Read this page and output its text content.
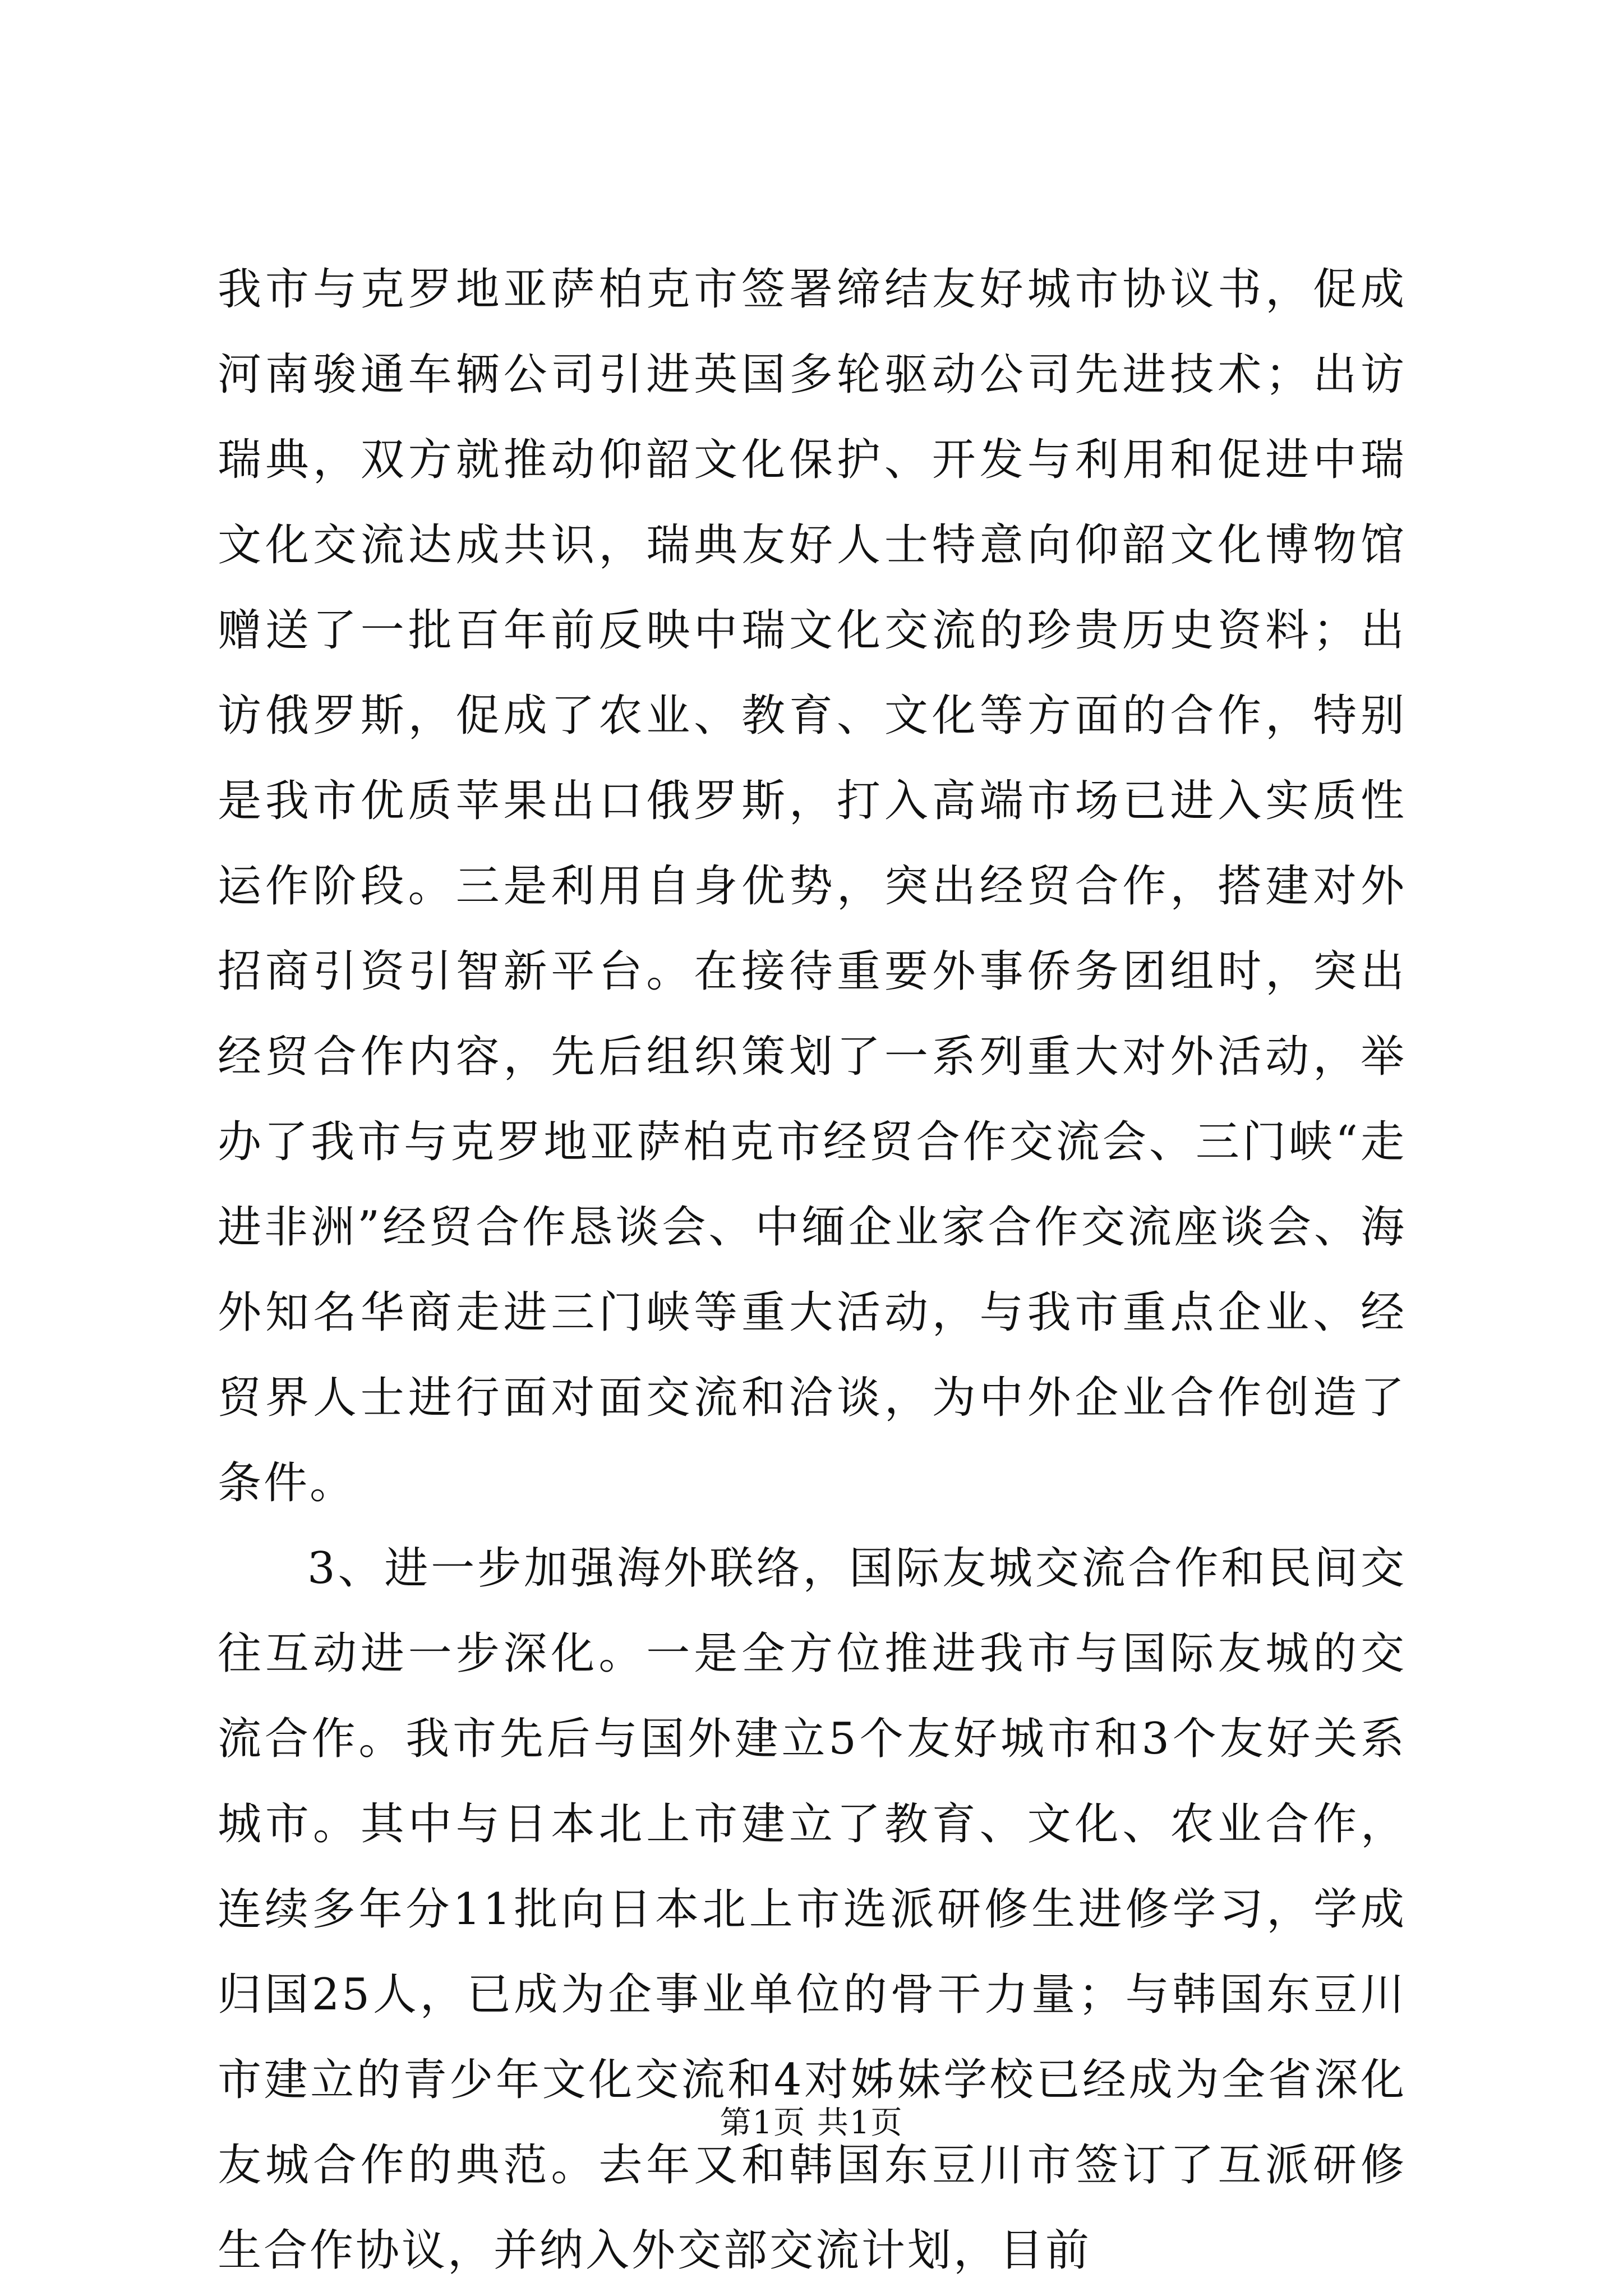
我市与克罗地亚萨柏克市签署缔结友好城市协议书，促成河南骏通车辆公司引进英国多轮驱动公司先进技术；出访瑞典，双方就推动仰韶文化保护、开发与利用和促进中瑞文化交流达成共识，瑞典友好人士特意向仰韶文化博物馆赠送了一批百年前反映中瑞文化交流的珍贵历史资料；出访俄罗斯，促成了农业、教育、文化等方面的合作，特别是我市优质苹果出口俄罗斯，打入高端市场已进入实质性运作阶段。三是利用自身优势，突出经贸合作，搭建对外招商引资引智新平台。在接待重要外事侨务团组时，突出经贸合作内容，先后组织策划了一系列重大对外活动，举办了我市与克罗地亚萨柏克市经贸合作交流会、三门峡“走进非洲”经贸合作恳谈会、中缅企业家合作交流座谈会、海外知名华商走进三门峡等重大活动，与我市重点企业、经贸界人士进行面对面交流和洽谈，为中外企业合作创造了条件。

3、进一步加强海外联络，国际友城交流合作和民间交往互动进一步深化。一是全方位推进我市与国际友城的交流合作。我市先后与国外建立5个友好城市和3个友好关系城市。其中与日本北上市建立了教育、文化、农业合作，连续多年分11批向日本北上市选派研修生进修学习，学成归国25人，已成为企事业单位的骨干力量；与韩国东豆川市建立的青少年文化交流和4对姊妹学校已经成为全省深化友城合作的典范。去年又和韩国东豆川市签订了互派研修生合作协议，并纳入外交部交流计划，目前

第1页 共1页
